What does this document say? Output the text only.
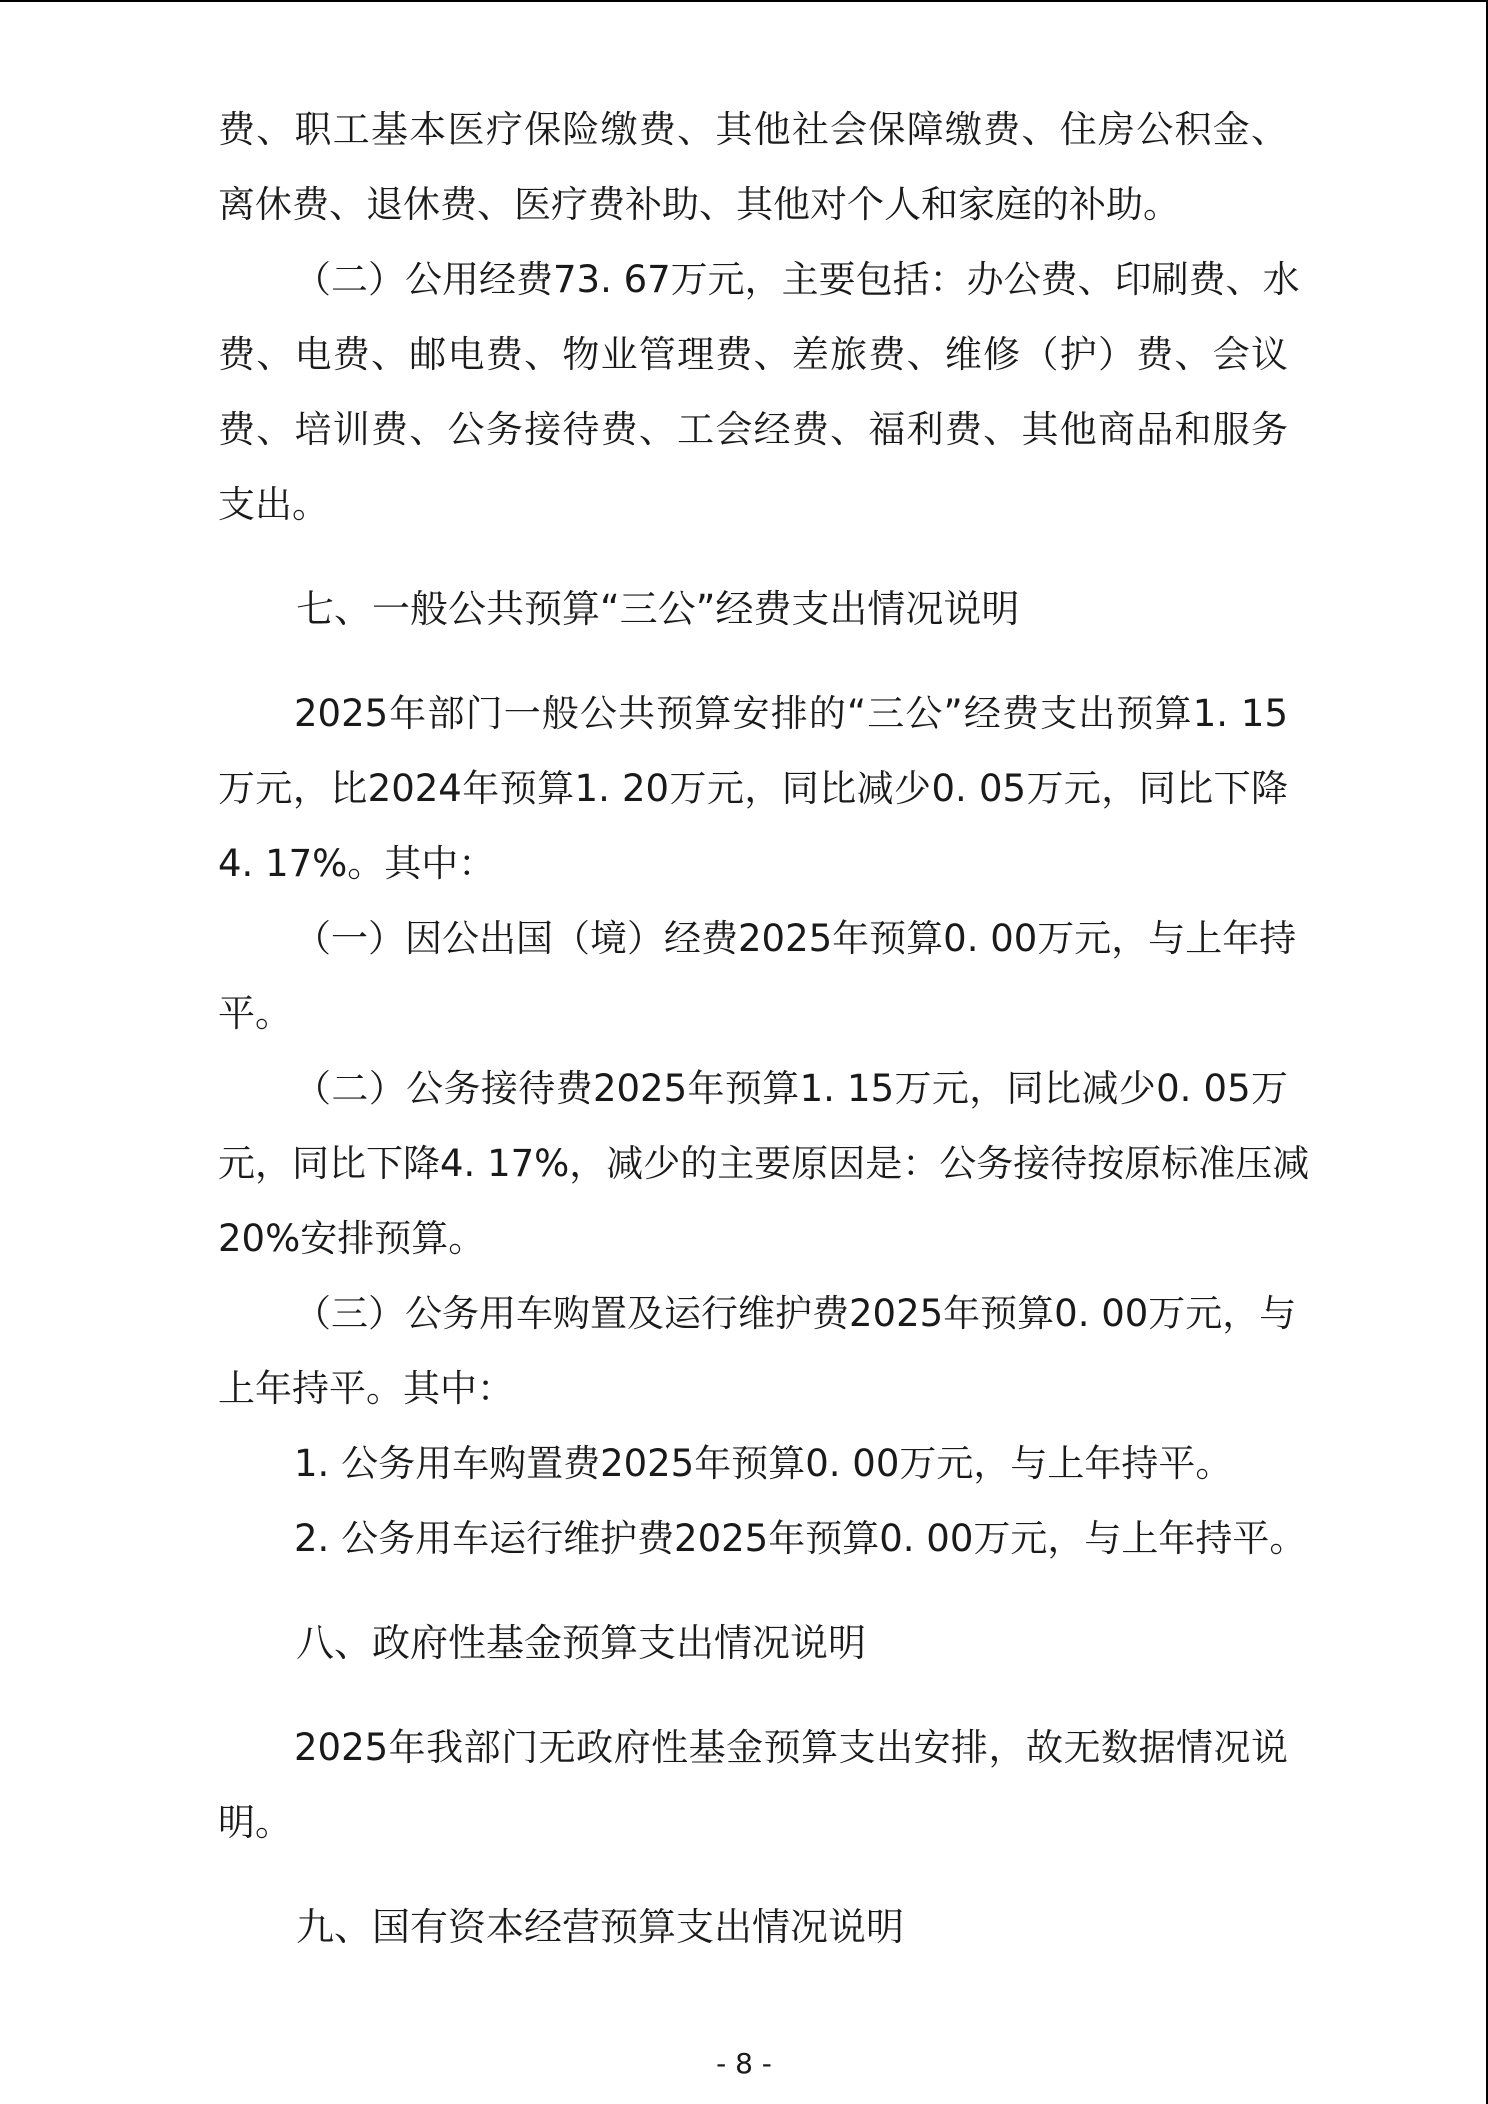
费、职工基本医疗保险缴费、其他社会保障缴费、住房公积金、
离休费、退休费、医疗费补助、其他对个人和家庭的补助。
（二）公用经费73. 67万元，主要包括：办公费、印刷费、水
费、电费、邮电费、物业管理费、差旅费、维修（护）费、会议
费、培训费、公务接待费、工会经费、福利费、其他商品和服务
支出。
七、一般公共预算“三公”经费支出情况说明
2025年部门一般公共预算安排的“三公”经费支出预算1. 15
万元，比2024年预算1. 20万元，同比减少0. 05万元，同比下降
4. 17%。其中：
（一）因公出国（境）经费2025年预算0. 00万元，与上年持
平。
（二）公务接待费2025年预算1. 15万元，同比减少0. 05万
元，同比下降4. 17%，减少的主要原因是：公务接待按原标准压减
20%安排预算。
（三）公务用车购置及运行维护费2025年预算0. 00万元，与
上年持平。其中：
1. 公务用车购置费2025年预算0. 00万元，与上年持平。
2. 公务用车运行维护费2025年预算0. 00万元，与上年持平。
八、政府性基金预算支出情况说明
2025年我部门无政府性基金预算支出安排，故无数据情况说
明。
九、国有资本经营预算支出情况说明
- 8 -
